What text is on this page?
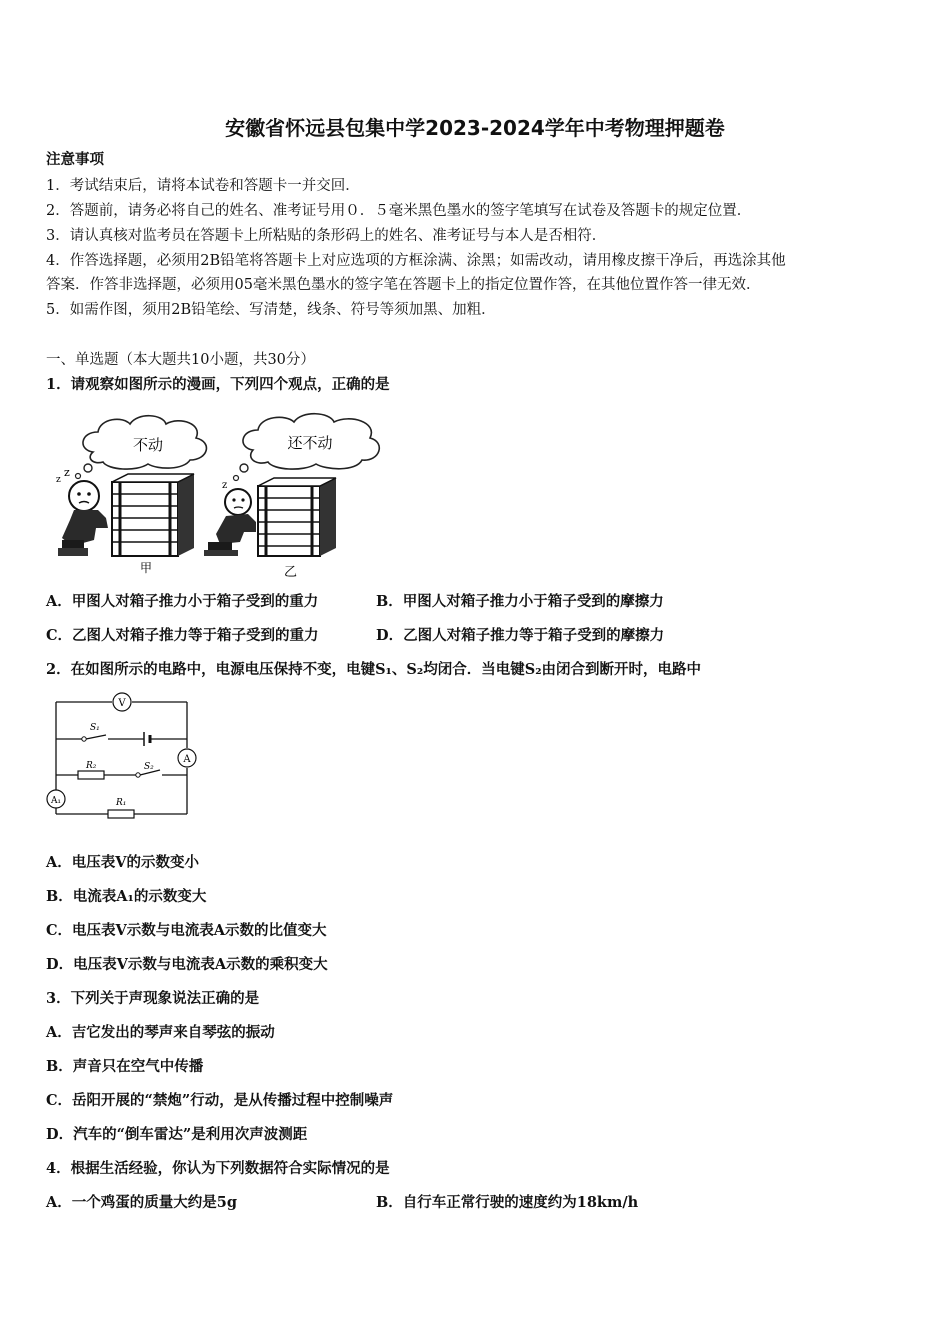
安徽省怀远县包集中学2023-2024学年中考物理押题卷
注意事项
1．考试结束后，请将本试卷和答题卡一并交回．
2．答题前，请务必将自己的姓名、准考证号用０．５毫米黑色墨水的签字笔填写在试卷及答题卡的规定位置．
3．请认真核对监考员在答题卡上所粘贴的条形码上的姓名、准考证号与本人是否相符．
4．作答选择题，必须用2B铅笔将答题卡上对应选项的方框涂满、涂黑；如需改动，请用橡皮擦干净后，再选涂其他
答案．作答非选择题，必须用05毫米黑色墨水的签字笔在答题卡上的指定位置作答，在其他位置作答一律无效．
5．如需作图，须用2B铅笔绘、写清楚，线条、符号等须加黑、加粗．
一、单选题（本大题共10小题，共30分）
1．请观察如图所示的漫画，下列四个观点，正确的是
不动	还不动
z
z	z
甲	乙
A．甲图人对箱子推力小于箱子受到的重力	B．甲图人对箱子推力小于箱子受到的摩擦力
C．乙图人对箱子推力等于箱子受到的重力	D．乙图人对箱子推力等于箱子受到的摩擦力
2．在如图所示的电路中，电源电压保持不变，电键S₁、S₂均闭合．当电键S₂由闭合到断开时，电路中
V
A
A₁
S₁
S₂
R₁
R₂
A．电压表V的示数变小
B．电流表A₁的示数变大
C．电压表V示数与电流表A示数的比值变大
D．电压表V示数与电流表A示数的乘积变大
3．下列关于声现象说法正确的是
A．吉它发出的琴声来自琴弦的振动
B．声音只在空气中传播
C．岳阳开展的“禁炮”行动，是从传播过程中控制噪声
D．汽车的“倒车雷达”是利用次声波测距
4．根据生活经验，你认为下列数据符合实际情况的是
A．一个鸡蛋的质量大约是5g	B．自行车正常行驶的速度约为18km/h
